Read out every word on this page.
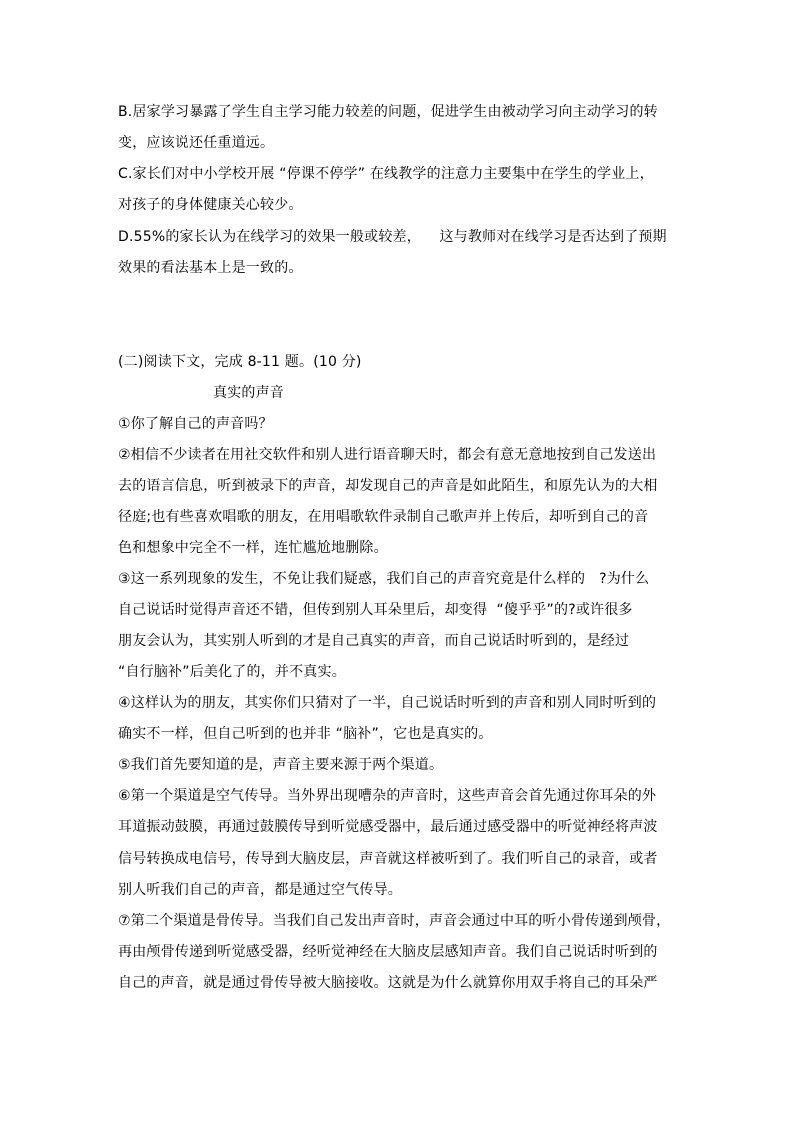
B.居家学习暴露了学生自主学习能力较差的问题，促进学生由被动学习向主动学习的转
变，应该说还任重道远。
C.家长们对中小学校开展 “停课不停学” 在线教学的注意力主要集中在学生的学业上，
对孩子的身体健康关心较少。
D.55%的家长认为在线学习的效果一般或较差，    这与教师对在线学习是否达到了预期
效果的看法基本上是一致的。
(二)阅读下文，完成 8-11 题。(10 分)
真实的声音
①你了解自己的声音吗？
②相信不少读者在用社交软件和别人进行语音聊天时，都会有意无意地按到自己发送出
去的语言信息，听到被录下的声音，却发现自己的声音是如此陌生，和原先认为的大相
径庭;也有些喜欢唱歌的朋友，在用唱歌软件录制自己歌声并上传后，却听到自己的音
色和想象中完全不一样，连忙尴尬地删除。
③这一系列现象的发生，不免让我们疑惑，我们自己的声音究竟是什么样的   ?为什么
自己说话时觉得声音还不错，但传到别人耳朵里后，却变得  “傻乎乎”的?或许很多
朋友会认为，其实别人听到的才是自己真实的声音，而自己说话时听到的，是经过
“自行脑补”后美化了的，并不真实。
④这样认为的朋友，其实你们只猜对了一半，自己说话时听到的声音和别人同时听到的
确实不一样，但自己听到的也并非 “脑补”，它也是真实的。
⑤我们首先要知道的是，声音主要来源于两个渠道。
⑥第一个渠道是空气传导。当外界出现嘈杂的声音时，这些声音会首先通过你耳朵的外
耳道振动鼓膜，再通过鼓膜传导到听觉感受器中，最后通过感受器中的听觉神经将声波
信号转换成电信号，传导到大脑皮层，声音就这样被听到了。我们听自己的录音，或者
别人听我们自己的声音，都是通过空气传导。
⑦第二个渠道是骨传导。当我们自己发出声音时，声音会通过中耳的听小骨传递到颅骨，
再由颅骨传递到听觉感受器，经听觉神经在大脑皮层感知声音。我们自己说话时听到的
自己的声音，就是通过骨传导被大脑接收。这就是为什么就算你用双手将自己的耳朵严
